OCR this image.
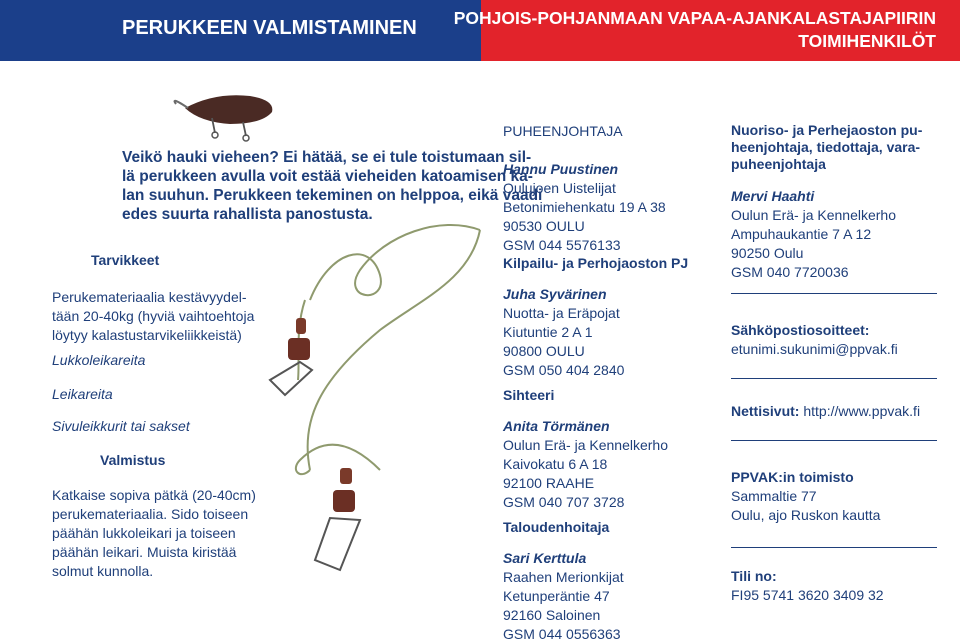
PERUKKEEN VALMISTAMINEN POHJOIS-POHJANMAAN VAPAA-AJANKALASTAJAPIIRIN
TOIMIHENKILÖT
Veikö hauki vieheen? Ei hätää, se ei tule toistumaan sil-
lä perukkeen avulla voit estää vieheiden katoamisen ka-
lan suuhun. Perukkeen tekeminen on helppoa, eikä vaadi
edes suurta rahallista panostusta.
Tarvikkeet
Perukemateriaalia kestävyydel-
tään 20-40kg (hyviä vaihtoehtoja
löytyy kalastustarvikeliikkeistä)
Lukkoleikareita
Leikareita
Sivuleikkurit tai sakset
Valmistus
Katkaise sopiva pätkä (20-40cm)
perukemateriaalia. Sido toiseen
päähän lukkoleikari ja toiseen
päähän leikari. Muista kiristää
solmut kunnolla.
PUHEENJOHTAJA
Hannu Puustinen
Oulujoen Uistelijat
Betonimiehenkatu 19 A 38
90530 OULU
GSM 044 5576133
Kilpailu- ja Perhojaoston PJ
Juha Syvärinen
Nuotta- ja Eräpojat
Kiutuntie 2 A 1
90800 OULU
GSM 050 404 2840
Sihteeri
Anita Törmänen
Oulun Erä- ja Kennelkerho
Kaivokatu 6 A 18
92100 RAAHE
GSM 040 707 3728
Taloudenhoitaja
Sari Kerttula
Raahen Merionkijat
Ketunperäntie 47
92160 Saloinen
GSM 044 0556363
Nuoriso- ja Perhejaoston pu-
heenjohtaja, tiedottaja, vara-
puheenjohtaja
Mervi Haahti
Oulun Erä- ja Kennelkerho
Ampuhaukantie 7 A 12
90250 Oulu
GSM 040 7720036
Sähköpostiosoitteet:
etunimi.sukunimi@ppvak.fi
Nettisivut: http://www.ppvak.fi
PPVAK:in toimisto
Sammaltie 77
Oulu, ajo Ruskon kautta
Tili no:
FI95 5741 3620 3409 32
